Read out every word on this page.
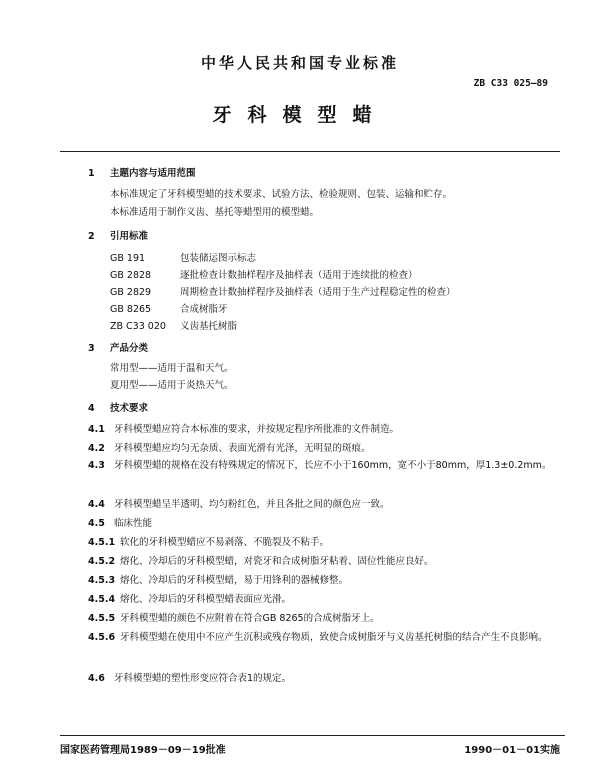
中华人民共和国专业标准
ZB C33 025—89
牙科模型蜡
1 主题内容与适用范围
本标准规定了牙科模型蜡的技术要求、试验方法、检验规则、包装、运输和贮存。
本标准适用于制作义齿、基托等蜡型用的模型蜡。
2 引用标准
GB 191	包装储运图示标志
GB 2828	逐批检查计数抽样程序及抽样表（适用于连续批的检查）
GB 2829	周期检查计数抽样程序及抽样表（适用于生产过程稳定性的检查）
GB 8265	合成树脂牙
ZB C33 020 义齿基托树脂
3 产品分类
常用型——适用于温和天气。
夏用型——适用于炎热天气。
4 技术要求
4.1 牙科模型蜡应符合本标准的要求，并按规定程序所批准的文件制造。
4.2 牙科模型蜡应均匀无杂质、表面光滑有光泽，无明显的斑痕。
4.3 牙科模型蜡的规格在没有特殊规定的情况下，长应不小于160mm，宽不小于80mm，厚1.3±0.2mm。
4.4 牙科模型蜡呈半透明、均匀粉红色，并且各批之间的颜色应一致。
4.5 临床性能
4.5.1 软化的牙科模型蜡应不易剥落、不脆裂及不粘手。
4.5.2 熔化、冷却后的牙科模型蜡，对瓷牙和合成树脂牙粘着、固位性能应良好。
4.5.3 熔化、冷却后的牙科模型蜡，易于用锋利的器械修整。
4.5.4 熔化、冷却后的牙科模型蜡表面应光滑。
4.5.5 牙科模型蜡的颜色不应附着在符合GB 8265的合成树脂牙上。
4.5.6 牙科模型蜡在使用中不应产生沉积或残存物质，致使合成树脂牙与义齿基托树脂的结合产生不良影响。
4.6 牙科模型蜡的塑性形变应符合表1的规定。
国家医药管理局1989－09－19批准	1990－01－01实施
